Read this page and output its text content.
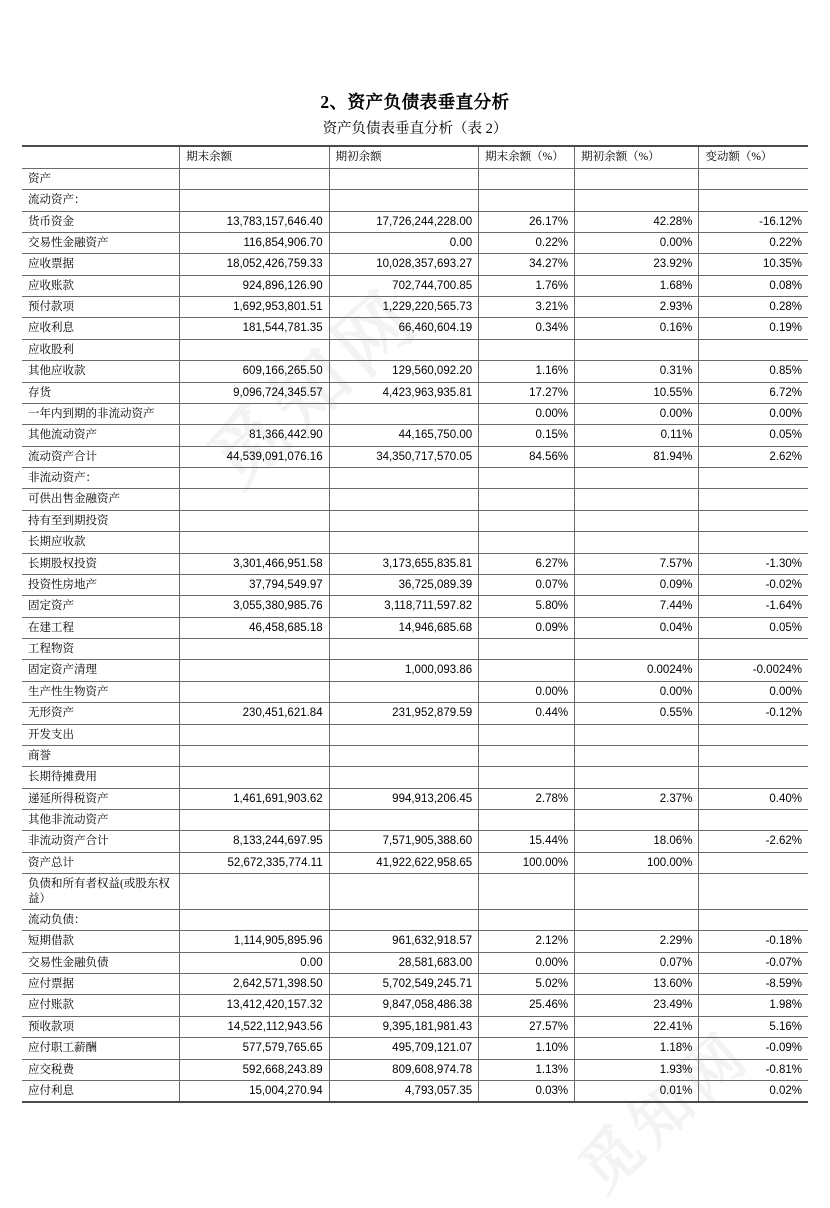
2、资产负债表垂直分析
资产负债表垂直分析（表 2）
	期末余额	期初余额	期末余额（%）	期初余额（%）	变动额（%）
资产					
流动资产：					
货币资金	13,783,157,646.40	17,726,244,228.00	26.17%	42.28%	-16.12%
交易性金融资产	116,854,906.70	0.00	0.22%	0.00%	0.22%
应收票据	18,052,426,759.33	10,028,357,693.27	34.27%	23.92%	10.35%
应收账款	924,896,126.90	702,744,700.85	1.76%	1.68%	0.08%
预付款项	1,692,953,801.51	1,229,220,565.73	3.21%	2.93%	0.28%
应收利息	181,544,781.35	66,460,604.19	0.34%	0.16%	0.19%
应收股利					
其他应收款	609,166,265.50	129,560,092.20	1.16%	0.31%	0.85%
存货	9,096,724,345.57	4,423,963,935.81	17.27%	10.55%	6.72%
一年内到期的非流动资产			0.00%	0.00%	0.00%
其他流动资产	81,366,442.90	44,165,750.00	0.15%	0.11%	0.05%
流动资产合计	44,539,091,076.16	34,350,717,570.05	84.56%	81.94%	2.62%
非流动资产：					
可供出售金融资产					
持有至到期投资					
长期应收款					
长期股权投资	3,301,466,951.58	3,173,655,835.81	6.27%	7.57%	-1.30%
投资性房地产	37,794,549.97	36,725,089.39	0.07%	0.09%	-0.02%
固定资产	3,055,380,985.76	3,118,711,597.82	5.80%	7.44%	-1.64%
在建工程	46,458,685.18	14,946,685.68	0.09%	0.04%	0.05%
工程物资					
固定资产清理		1,000,093.86		0.0024%	-0.0024%
生产性生物资产			0.00%	0.00%	0.00%
无形资产	230,451,621.84	231,952,879.59	0.44%	0.55%	-0.12%
开发支出					
商誉					
长期待摊费用					
递延所得税资产	1,461,691,903.62	994,913,206.45	2.78%	2.37%	0.40%
其他非流动资产					
非流动资产合计	8,133,244,697.95	7,571,905,388.60	15.44%	18.06%	-2.62%
资产总计	52,672,335,774.11	41,922,622,958.65	100.00%	100.00%	
负债和所有者权益(或股东权益）					
流动负债：					
短期借款	1,114,905,895.96	961,632,918.57	2.12%	2.29%	-0.18%
交易性金融负债	0.00	28,581,683.00	0.00%	0.07%	-0.07%
应付票据	2,642,571,398.50	5,702,549,245.71	5.02%	13.60%	-8.59%
应付账款	13,412,420,157.32	9,847,058,486.38	25.46%	23.49%	1.98%
预收款项	14,522,112,943.56	9,395,181,981.43	27.57%	22.41%	5.16%
应付职工薪酬	577,579,765.65	495,709,121.07	1.10%	1.18%	-0.09%
应交税费	592,668,243.89	809,608,974.78	1.13%	1.93%	-0.81%
应付利息	15,004,270.94	4,793,057.35	0.03%	0.01%	0.02%
